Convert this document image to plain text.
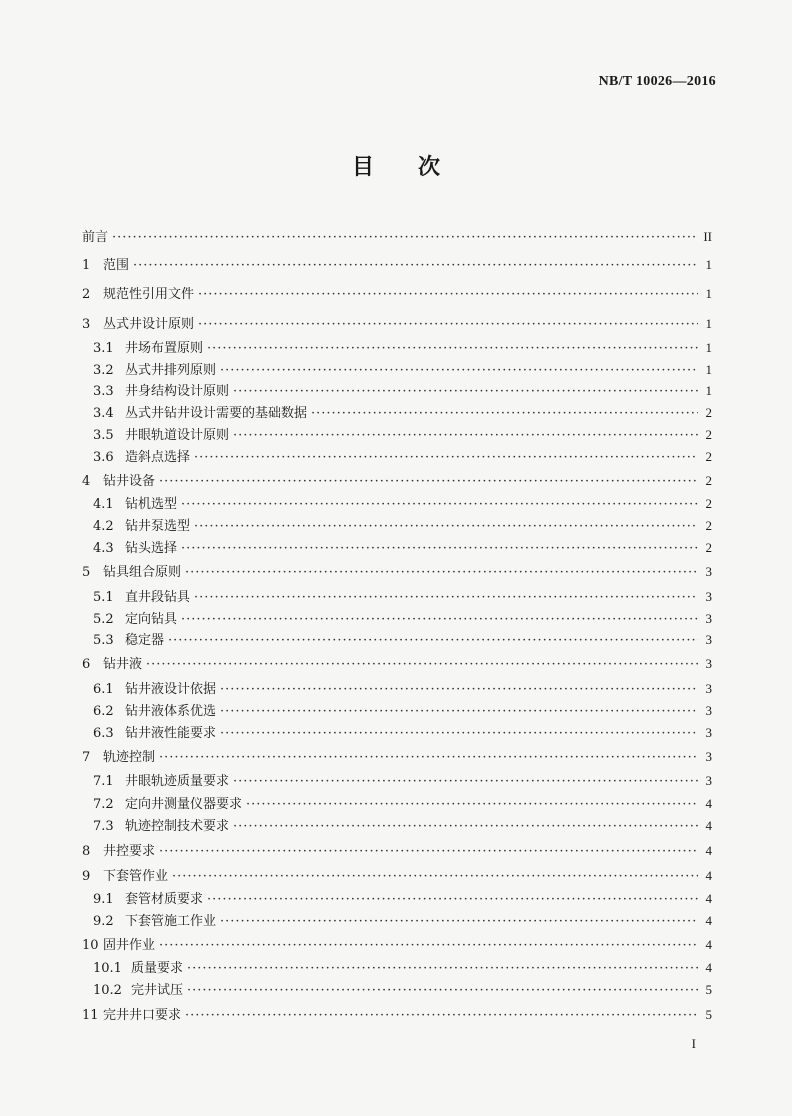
NB/T 10026—2016
目　　次
前言 ·····	II
1 范围 ·····	1
2 规范性引用文件 ·····	1
3 丛式井设计原则 ·····	1
3.1 井场布置原则 ·····	1
3.2 丛式井排列原则 ·····	1
3.3 井身结构设计原则 ·····	1
3.4 丛式井钻井设计需要的基础数据 ·····	2
3.5 井眼轨道设计原则 ·····	2
3.6 造斜点选择 ·····	2
4 钻井设备 ·····	2
4.1 钻机选型 ·····	2
4.2 钻井泵选型 ·····	2
4.3 钻头选择 ·····	2
5 钻具组合原则 ·····	3
5.1 直井段钻具 ·····	3
5.2 定向钻具 ·····	3
5.3 稳定器 ·····	3
6 钻井液 ·····	3
6.1 钻井液设计依据 ·····	3
6.2 钻井液体系优选 ·····	3
6.3 钻井液性能要求 ·····	3
7 轨迹控制 ·····	3
7.1 井眼轨迹质量要求 ·····	3
7.2 定向井测量仪器要求 ·····	4
7.3 轨迹控制技术要求 ·····	4
8 井控要求 ·····	4
9 下套管作业 ·····	4
9.1 套管材质要求 ·····	4
9.2 下套管施工作业 ·····	4
10 固井作业 ·····	4
10.1 质量要求 ·····	4
10.2 完井试压 ·····	5
11 完井井口要求 ·····	5
I
